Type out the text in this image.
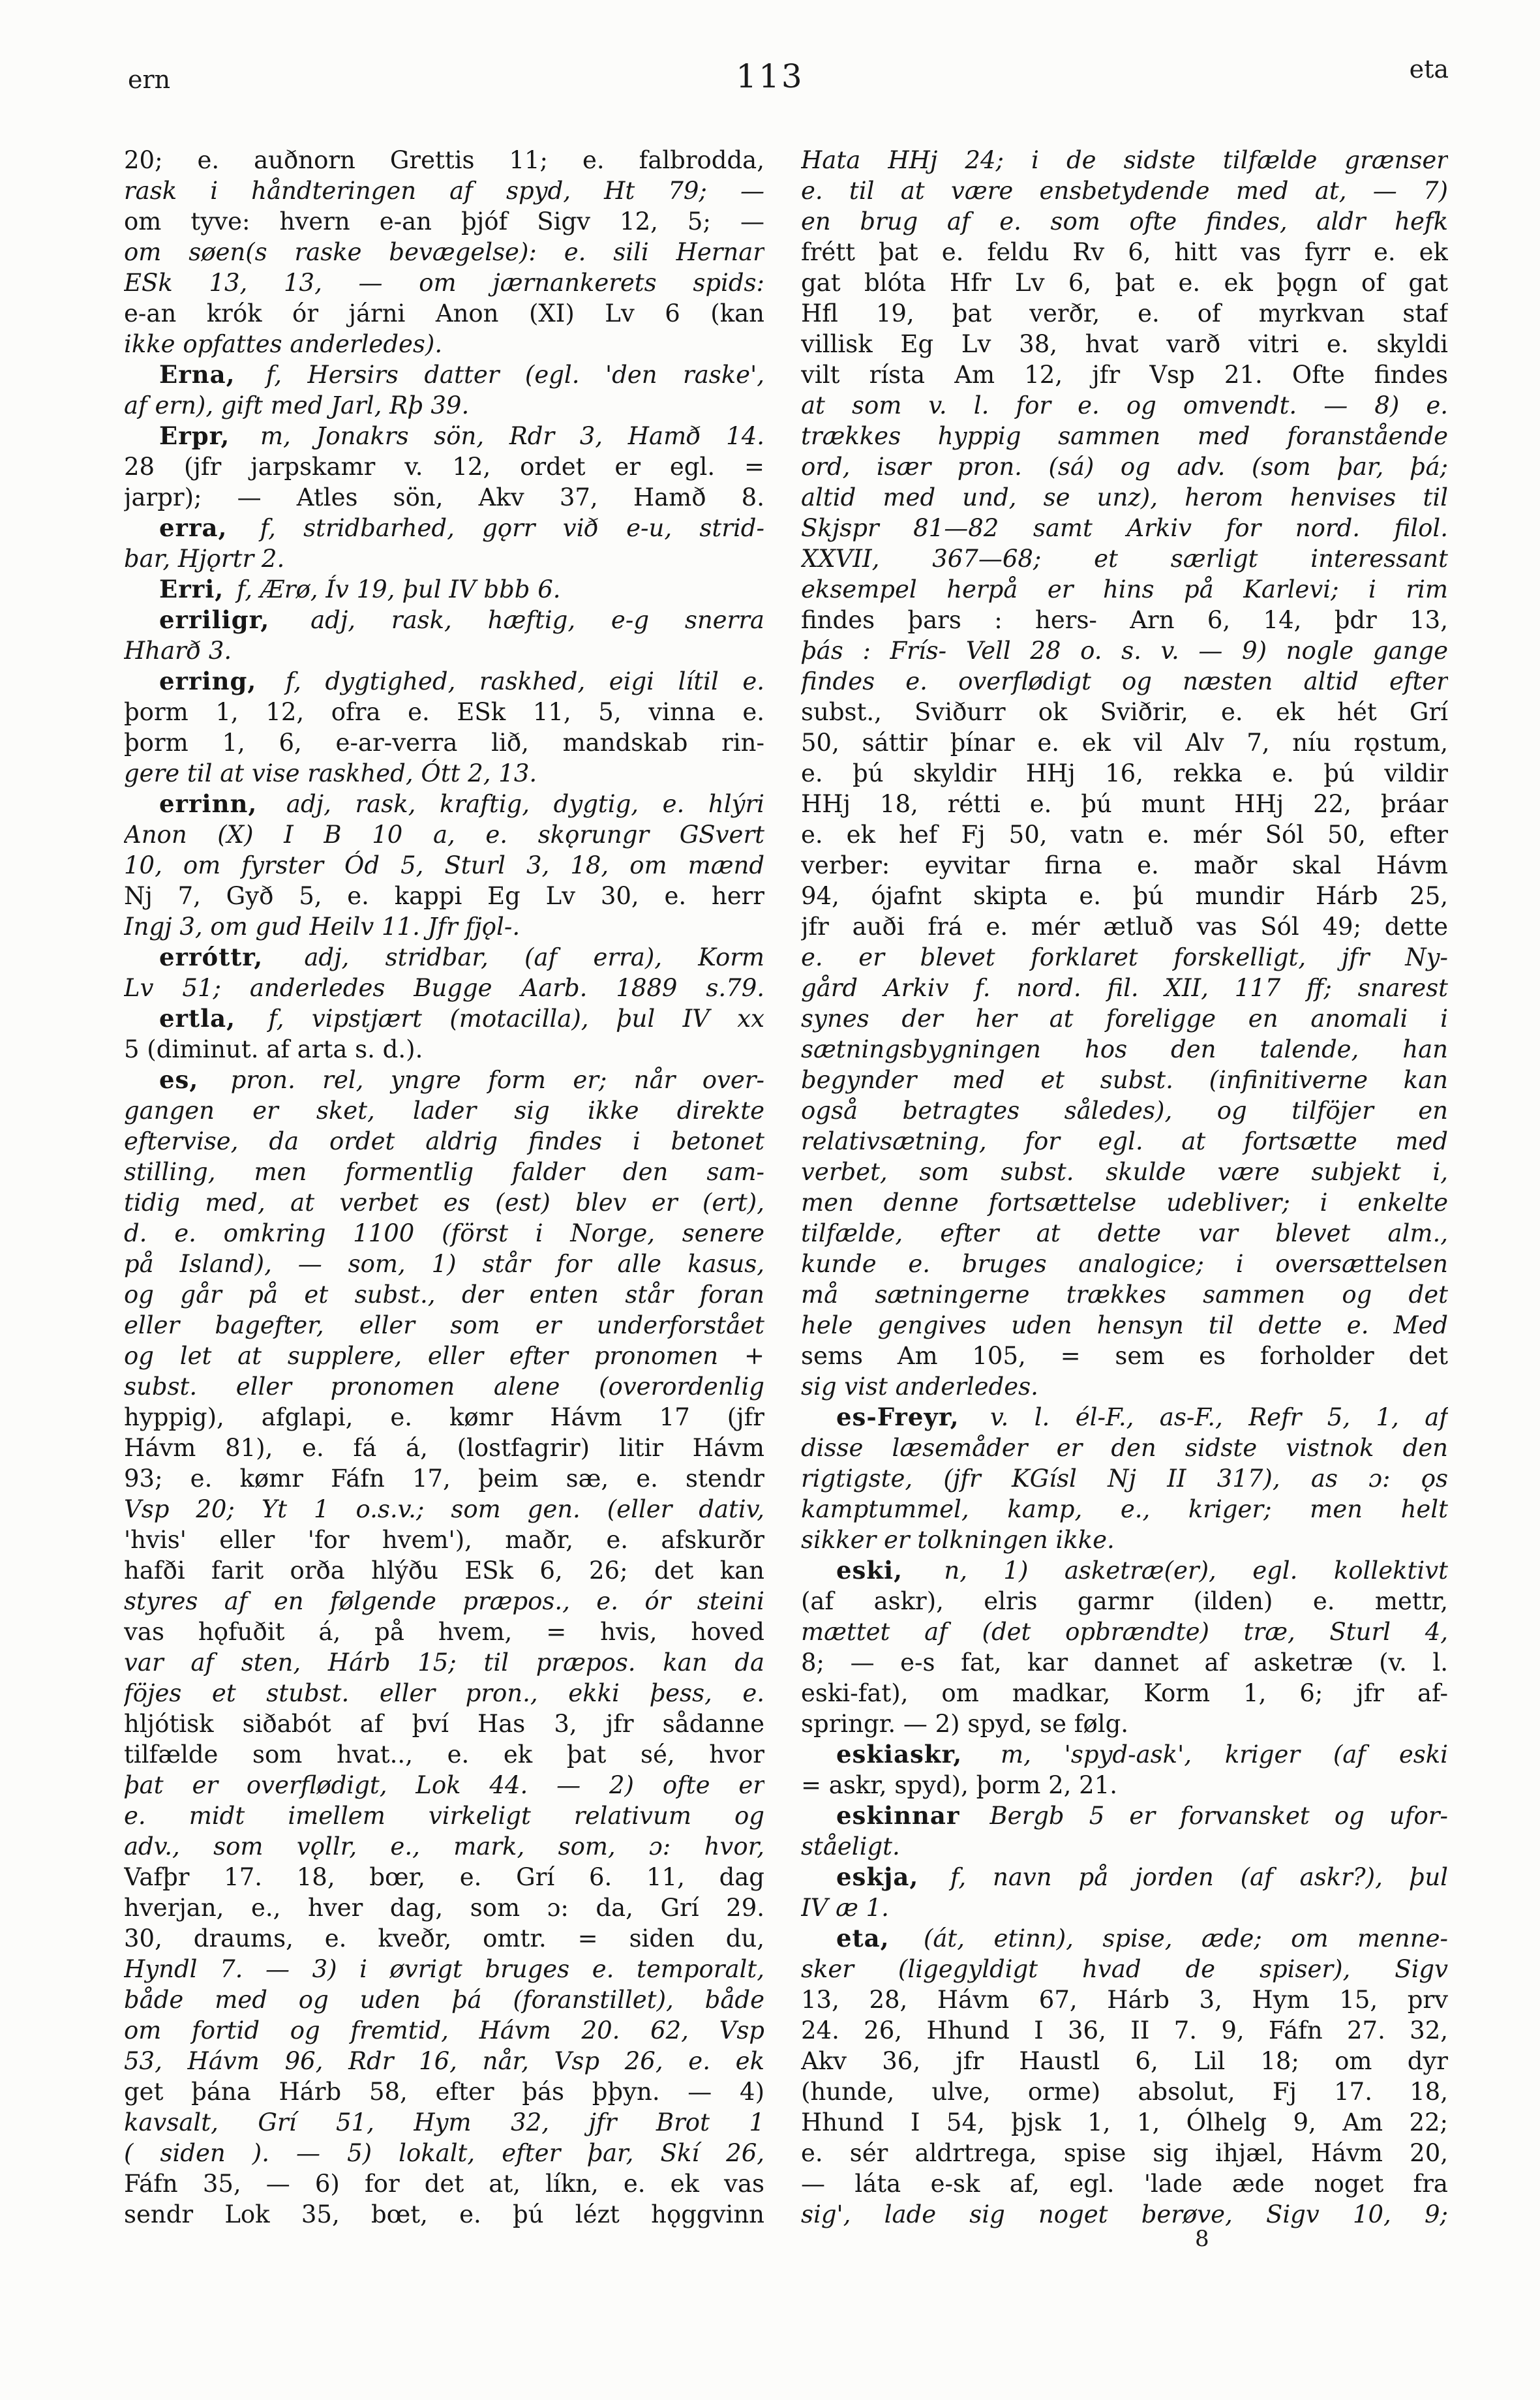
ern	113	eta
20; e. auðnorn Grettis 11; e. falbrodda,
rask i håndteringen af spyd, Ht 79; —
om tyve: hvern e-an þjóf Sigv 12, 5; —
om søen(s raske bevægelse): e. sili Hernar
ESk 13, 13, — om jærnankerets spids:
e-an krók ór járni Anon (XI) Lv 6 (kan
ikke opfattes anderledes).
Erna, f, Hersirs datter (egl. 'den raske',
af ern), gift med Jarl, Rþ 39.
Erpr, m, Jonakrs sön, Rdr 3, Hamð 14.
28 (jfr jarpskamr v. 12, ordet er egl. =
jarpr); — Atles sön, Akv 37, Hamð 8.
erra, f, stridbarhed, gǫrr við e-u, strid-
bar, Hjǫrtr 2.
Erri, f, Ærø, Ív 19, þul IV bbb 6.
erriligr, adj, rask, hæftig, e-g snerra
Hharð 3.
erring, f, dygtighed, raskhed, eigi lítil e.
þorm 1, 12, ofra e. ESk 11, 5, vinna e.
þorm 1, 6, e-ar-verra lið, mandskab rin-
gere til at vise raskhed, Ótt 2, 13.
errinn, adj, rask, kraftig, dygtig, e. hlýri
Anon (X) I B 10 a, e. skǫrungr GSvert
10, om fyrster Ód 5, Sturl 3, 18, om mænd
Nj 7, Gyð 5, e. kappi Eg Lv 30, e. herr
Ingj 3, om gud Heilv 11. Jfr fjǫl-.
erróttr, adj, stridbar, (af erra), Korm
Lv 51; anderledes Bugge Aarb. 1889 s.79.
ertla, f, vipstjært (motacilla), þul IV xx
5 (diminut. af arta s. d.).
es, pron. rel, yngre form er; når over-
gangen er sket, lader sig ikke direkte
eftervise, da ordet aldrig findes i betonet
stilling, men formentlig falder den sam-
tidig med, at verbet es (est) blev er (ert),
d. e. omkring 1100 (först i Norge, senere
på Island), — som, 1) står for alle kasus,
og går på et subst., der enten står foran
eller bagefter, eller som er underforstået
og let at supplere, eller efter pronomen +
subst. eller pronomen alene (overordenlig
hyppig), afglapi, e. kømr Hávm 17 (jfr
Hávm 81), e. fá á, (lostfagrir) litir Hávm
93; e. kømr Fáfn 17, þeim sæ, e. stendr
Vsp 20; Yt 1 o.s.v.; som gen. (eller dativ,
'hvis' eller 'for hvem'), maðr, e. afskurðr
hafði farit orða hlýðu ESk 6, 26; det kan
styres af en følgende præpos., e. ór steini
vas hǫfuðit á, på hvem, = hvis, hoved
var af sten, Hárb 15; til præpos. kan da
föjes et stubst. eller pron., ekki þess, e.
hljótisk siðabót af því Has 3, jfr sådanne
tilfælde som hvat.., e. ek þat sé, hvor
þat er overflødigt, Lok 44. — 2) ofte er
e. midt imellem virkeligt relativum og
adv., som vǫllr, e., mark, som, ɔ: hvor,
Vafþr 17. 18, bœr, e. Grí 6. 11, dag
hverjan, e., hver dag, som ɔ: da, Grí 29.
30, draums, e. kveðr, omtr. = siden du,
Hyndl 7. — 3) i øvrigt bruges e. temporalt,
både med og uden þá (foranstillet), både
om fortid og fremtid, Hávm 20. 62, Vsp
53, Hávm 96, Rdr 16, når, Vsp 26, e. ek
get þána Hárb 58, efter þás þþyn. — 4)
kavsalt, Grí 51, Hym 32, jfr Brot 1
( siden ). — 5) lokalt, efter þar, Skí 26,
Fáfn 35, — 6) for det at, líkn, e. ek vas
sendr Lok 35, bœt, e. þú lézt hǫggvinn
Hata HHj 24; i de sidste tilfælde grænser
e. til at være ensbetydende med at, — 7)
en brug af e. som ofte findes, aldr hefk
frétt þat e. feldu Rv 6, hitt vas fyrr e. ek
gat blóta Hfr Lv 6, þat e. ek þǫgn of gat
Hfl 19, þat verðr, e. of myrkvan staf
villisk Eg Lv 38, hvat varð vitri e. skyldi
vilt rísta Am 12, jfr Vsp 21. Ofte findes
at som v. l. for e. og omvendt. — 8) e.
trækkes hyppig sammen med foranstående
ord, især pron. (sá) og adv. (som þar, þá;
altid med und, se unz), herom henvises til
Skjspr 81—82 samt Arkiv for nord. filol.
XXVII, 367—68; et særligt interessant
eksempel herpå er hins på Karlevi; i rim
findes þars : hers- Arn 6, 14, þdr 13,
þás : Frís- Vell 28 o. s. v. — 9) nogle gange
findes e. overflødigt og næsten altid efter
subst., Sviðurr ok Sviðrir, e. ek hét Grí
50, sáttir þínar e. ek vil Alv 7, níu rǫstum,
e. þú skyldir HHj 16, rekka e. þú vildir
HHj 18, rétti e. þú munt HHj 22, þráar
e. ek hef Fj 50, vatn e. mér Sól 50, efter
verber: eyvitar firna e. maðr skal Hávm
94, ójafnt skipta e. þú mundir Hárb 25,
jfr auði frá e. mér ætluð vas Sól 49; dette
e. er blevet forklaret forskelligt, jfr Ny-
gård Arkiv f. nord. fil. XII, 117 ff; snarest
synes der her at foreligge en anomali i
sætningsbygningen hos den talende, han
begynder med et subst. (infinitiverne kan
også betragtes således), og tilföjer en
relativsætning, for egl. at fortsætte med
verbet, som subst. skulde være subjekt i,
men denne fortsættelse udebliver; i enkelte
tilfælde, efter at dette var blevet alm.,
kunde e. bruges analogice; i oversættelsen
må sætningerne trækkes sammen og det
hele gengives uden hensyn til dette e. Med
sems Am 105, = sem es forholder det
sig vist anderledes.
es-Freyr, v. l. él-F., as-F., Refr 5, 1, af
disse læsemåder er den sidste vistnok den
rigtigste, (jfr KGísl Nj II 317), as ɔ: ǫs
kamptummel, kamp, e., kriger; men helt
sikker er tolkningen ikke.
eski, n, 1) asketræ(er), egl. kollektivt
(af askr), elris garmr (ilden) e. mettr,
mættet af (det opbrændte) træ, Sturl 4,
8; — e-s fat, kar dannet af asketræ (v. l.
eski-fat), om madkar, Korm 1, 6; jfr af-
springr. — 2) spyd, se følg.
eskiaskr, m, 'spyd-ask', kriger (af eski
= askr, spyd), þorm 2, 21.
eskinnar Bergb 5 er forvansket og ufor-
ståeligt.
eskja, f, navn på jorden (af askr?), þul
IV æ 1.
eta, (át, etinn), spise, æde; om menne-
sker (ligegyldigt hvad de spiser), Sigv
13, 28, Hávm 67, Hárb 3, Hym 15, prv
24. 26, Hhund I 36, II 7. 9, Fáfn 27. 32,
Akv 36, jfr Haustl 6, Lil 18; om dyr
(hunde, ulve, orme) absolut, Fj 17. 18,
Hhund I 54, þjsk 1, 1, Ólhelg 9, Am 22;
e. sér aldrtrega, spise sig ihjæl, Hávm 20,
— láta e-sk af, egl. 'lade æde noget fra
sig', lade sig noget berøve, Sigv 10, 9;
8
